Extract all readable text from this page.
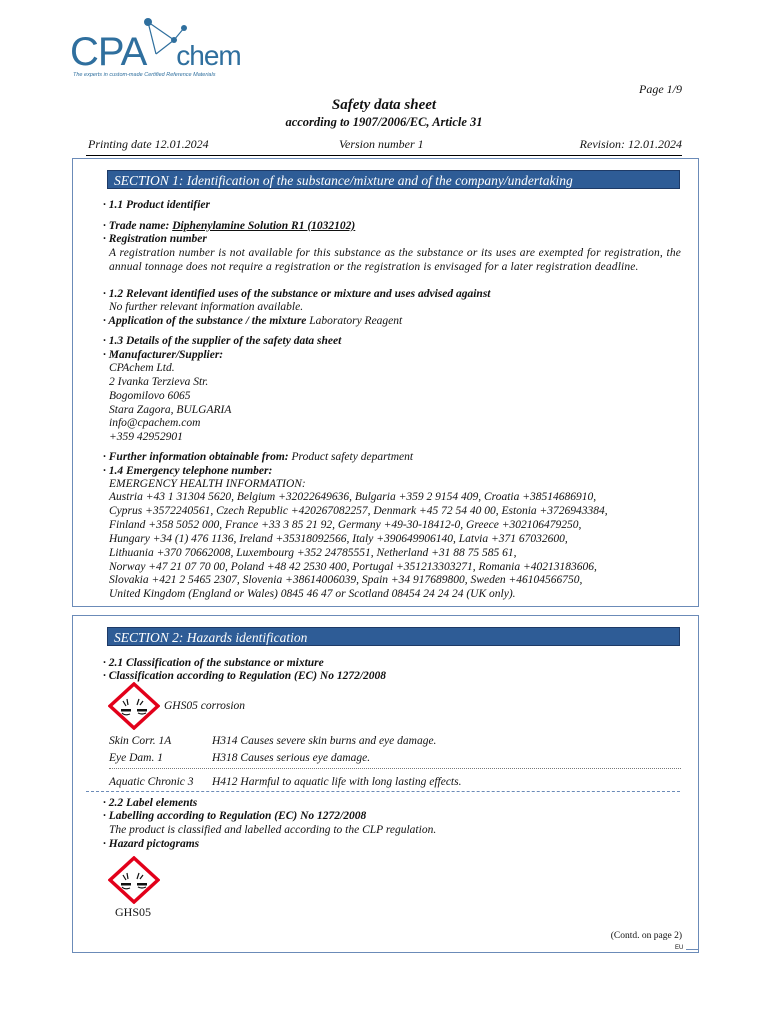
CPA chem
The experts in custom-made Certified Reference Materials
Page 1/9
Safety data sheet
according to 1907/2006/EC, Article 31
Printing date 12.01.2024	Version number 1	Revision: 12.01.2024
SECTION 1: Identification of the substance/mixture and of the company/undertaking
· 1.1 Product identifier
· Trade name: Diphenylamine Solution R1 (1032102)
· Registration number
A registration number is not available for this substance as the substance or its uses are exempted for registration, the annual tonnage does not require a registration or the registration is envisaged for a later registration deadline.
· 1.2 Relevant identified uses of the substance or mixture and uses advised against
No further relevant information available.
· Application of the substance / the mixture Laboratory Reagent
· 1.3 Details of the supplier of the safety data sheet
· Manufacturer/Supplier:
CPAchem Ltd.
2 Ivanka Terzieva Str.
Bogomilovo 6065
Stara Zagora, BULGARIA
info@cpachem.com
+359 42952901
· Further information obtainable from: Product safety department
· 1.4 Emergency telephone number:
EMERGENCY HEALTH INFORMATION:
Austria +43 1 31304 5620, Belgium +32022649636, Bulgaria +359 2 9154 409, Croatia +38514686910,
Cyprus +3572240561, Czech Republic +420267082257, Denmark +45 72 54 40 00, Estonia +3726943384,
Finland +358 5052 000, France +33 3 85 21 92, Germany +49-30-18412-0, Greece +302106479250,
Hungary +34 (1) 476 1136, Ireland +35318092566, Italy +390649906140, Latvia +371 67032600,
Lithuania +370 70662008, Luxembourg +352 24785551, Netherland +31 88 75 585 61,
Norway +47 21 07 70 00, Poland +48 42 2530 400, Portugal +351213303271, Romania +40213183606,
Slovakia +421 2 5465 2307, Slovenia +38614006039, Spain +34 917689800, Sweden +46104566750,
United Kingdom (England or Wales) 0845 46 47 or Scotland 08454 24 24 24 (UK only).
SECTION 2: Hazards identification
· 2.1 Classification of the substance or mixture
· Classification according to Regulation (EC) No 1272/2008
GHS05 corrosion
Skin Corr. 1A	H314 Causes severe skin burns and eye damage.
Eye Dam. 1	H318 Causes serious eye damage.
Aquatic Chronic 3 H412 Harmful to aquatic life with long lasting effects.
· 2.2 Label elements
· Labelling according to Regulation (EC) No 1272/2008
The product is classified and labelled according to the CLP regulation.
· Hazard pictograms
GHS05
(Contd. on page 2)
EU
